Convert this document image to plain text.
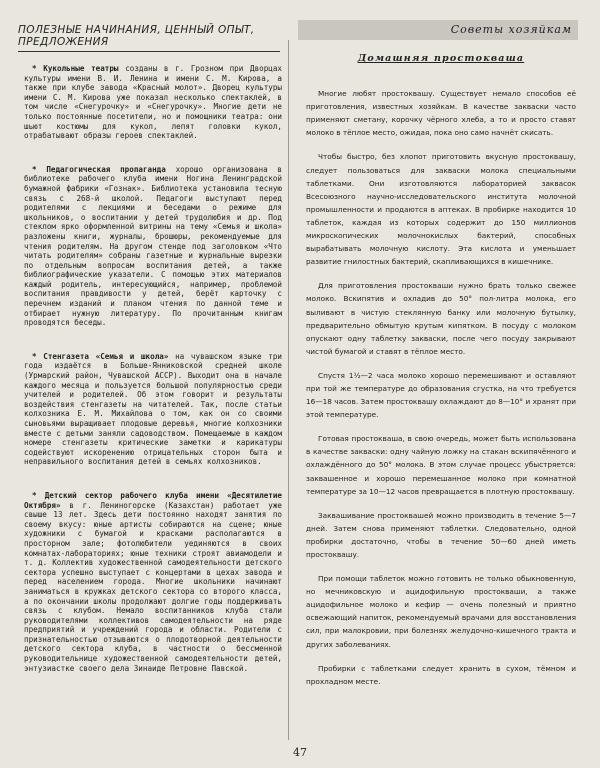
ПОЛЕЗНЫЕ НАЧИНАНИЯ, ЦЕННЫЙ ОПЫТ,
ПРЕДЛОЖЕНИЯ
Советы хозяйкам

* Кукольные театры созданы в г. Грозном при Дворцах культуры имени В. И. Ленина и имени С. М. Кирова, а также при клубе завода «Красный молот». Дворец культуры имени С. М. Кирова уже показал несколько спектаклей, в том числе «Снегурочку» и «Снегурочку». Многие дети не только постоянные посетители, но и помощники театра: они шьют костюмы для кукол, лепят головки кукол, отрабатывают образы героев спектаклей.

* Педагогическая пропаганда хорошо организована в библиотеке рабочего клуба имени Ногина Ленинградской бумажной фабрики «Гознак». Библиотека установила тесную связь с 268-й школой. Педагоги выступают перед родителями с лекциями и беседами о режиме для школьников, о воспитании у детей трудолюбия и др. Под стеклом ярко оформленной витрины на тему «Семья и школа» разложены книги, журналы, брошюры, рекомендуемые для чтения родителям. На другом стенде под заголовком «Что читать родителям» собраны газетные и журнальные вырезки по отдельным вопросам воспитания детей, а также библиографические указатели. С помощью этих материалов каждый родитель, интересующийся, например, проблемой воспитания правдивости у детей, берёт карточку с перечнем изданий и планом чтения по данной теме и отбирает нужную литературу. По прочитанным книгам проводятся беседы.

* Стенгазета «Семья и школа» на чувашском языке три года издаётся в Больше-Янниковской средней школе (Урмарский район, Чувашской АССР). Выходит она в начале каждого месяца и пользуется большой популярностью среди учителей и родителей. Об этом говорит и результаты воздействия стенгазеты на читателей. Так, после статьи колхозника Е. М. Михайлова о том, как он со своими сыновьями выращивает плодовые деревья, многие колхозники вместе с детьми заняли садоводством. Помещаемые в каждом номере стенгазеты критические заметки и карикатуры содействуют искоренению отрицательных сторон быта и неправильного воспитания детей в семьях колхозников.

* Детский сектор рабочего клуба имени «Десятилетие Октября» в г. Лениногорске (Казахстан) работает уже свыше 13 лет. Здесь дети постоянно находят занятия по своему вкусу: юные артисты собираются на сцене; юные художники с бумагой и красками располагаются в просторном зале; фотолюбители уединяются в своих комнатах-лабораториях; юные техники строят авиамодели и т. д. Коллектив художественной самодеятельности детского сектора успешно выступает с концертами в цехах завода и перед населением города. Многие школьники начинают заниматься в кружках детского сектора со второго класса, а по окончании школы продолжают долгие годы поддерживать связь с клубом. Немало воспитанников клуба стали руководителями коллективов самодеятельности на ряде предприятий и учреждений города и области. Родители с признательностью отзываются о плодотворной деятельности детского сектора клуба, в частности о бессменной руководительнице художественной самодеятельности детей, энтузиастке своего дела Зинаиде Петровне Павской.

Домашняя простокваша

Многие любят простоквашу. Существует немало способов её приготовления, известных хозяйкам. В качестве закваски часто применяют сметану, корочку чёрного хлеба, а то и просто ставят молоко в тёплое место, ожидая, пока оно само начнёт скисать.

Чтобы быстро, без хлопот приготовить вкусную простоквашу, следует пользоваться для закваски молока специальными таблетками. Они изготовляются лабораторией заквасок Всесоюзного научно-исследовательского института молочной промышленности и продаются в аптеках. В пробирке находится 10 таблеток, каждая из которых содержит до 150 миллионов микроскопических молочнокислых бактерий, способных вырабатывать молочную кислоту. Эта кислота и уменьшает развитие гнилостных бактерий, скапливающихся в кишечнике.

Для приготовления простокваши нужно брать только свежее молоко. Вскипятив и охладив до 50° пол-литра молока, его выливают в чистую стеклянную банку или молочную бутылку, предварительно обмытую крутым кипятком. В посуду с молоком опускают одну таблетку закваски, после чего посуду закрывают чистой бумагой и ставят в тёплое место.

Спустя 1½—2 часа молоко хорошо перемешивают и оставляют при той же температуре до образования сгустка, на что требуется 16—18 часов. Затем простоквашу охлаждают до 8—10° и хранят при этой температуре.

Готовая простокваша, в свою очередь, может быть использована в качестве закваски: одну чайную ложку на стакан вскипячённого и охлаждённого до 50° молока. В этом случае процесс убыстряется: заквашенное и хорошо перемешанное молоко при комнатной температуре за 10—12 часов превращается в плотную простоквашу.

Заквашивание простоквашей можно производить в течение 5—7 дней. Затем снова применяют таблетки. Следовательно, одной пробирки достаточно, чтобы в течение 50—60 дней иметь простоквашу.

При помощи таблеток можно готовить не только обыкновенную, но мечниковскую и ацидофильную простокваши, а также ацидофильное молоко и кефир — очень полезный и приятно освежающий напиток, рекомендуемый врачами для восстановления сил, при малокровии, при болезнях желудочно-кишечного тракта и других заболеваниях.

Пробирки с таблетками следует хранить в сухом, тёмном и прохладном месте.

47
